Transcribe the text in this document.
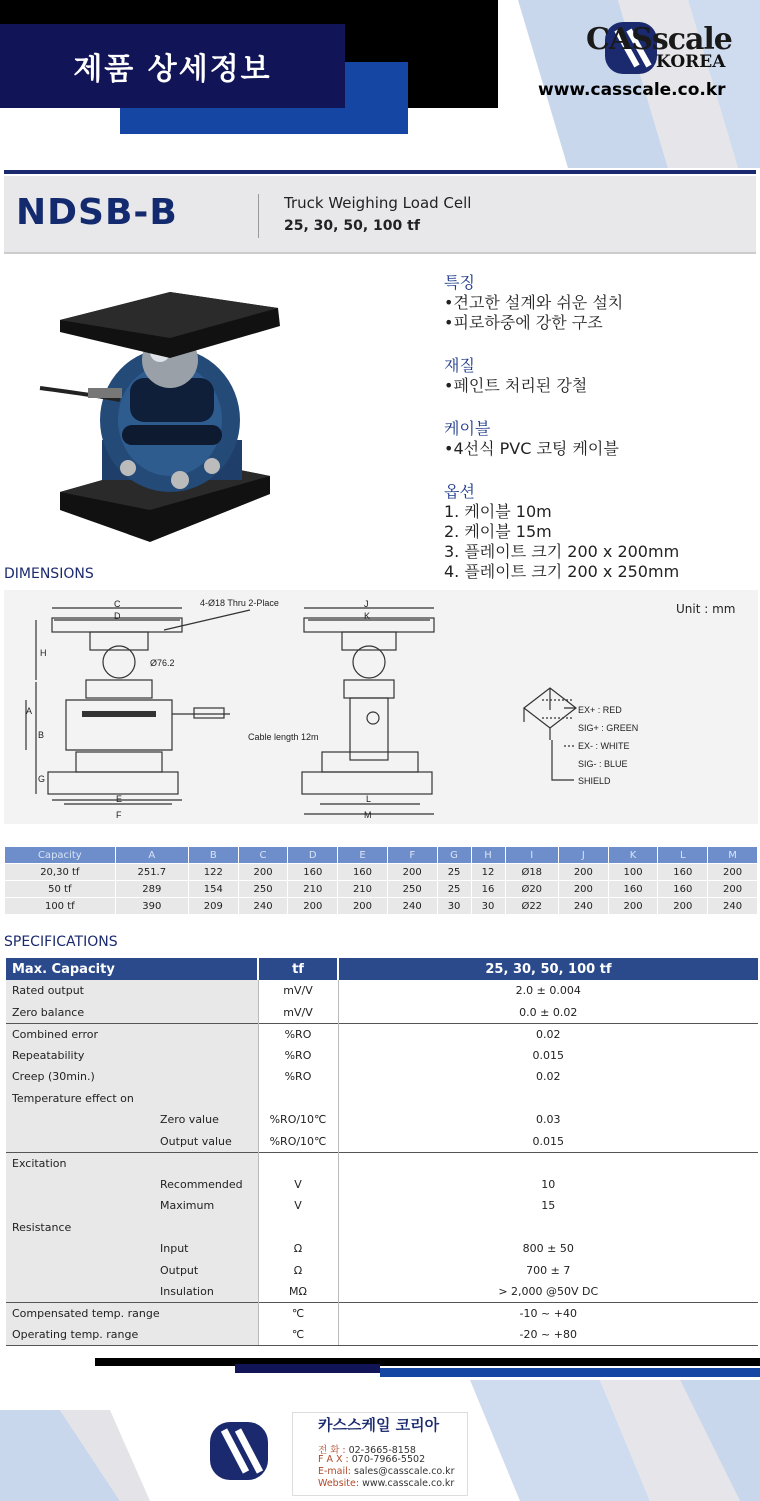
제품 상세정보
CASscale
KOREA
www.casscale.co.kr
NDSB-B	Truck Weighing Load Cell
25, 30, 50, 100 tf
특징
•견고한 설계와 쉬운 설치
•피로하중에 강한 구조
재질
•페인트 처리된 강철
케이블
•4선식 PVC 코팅 케이블
옵션
1. 케이블 10m
2. 케이블 15m
3. 플레이트 크기 200 x 200mm
4. 플레이트 크기 200 x 250mm
DIMENSIONS
Unit : mm
C
D
H
A
B
G
E
F
4-Ø18 Thru 2-Place
Ø76.2
Cable length 12m
J
K
L
M
EX+ : RED
SIG+ : GREEN
EX- : WHITE
SIG- : BLUE
SHIELD
Capacity	A	B	C	D	E	F	G	H	I	J	K	L	M
20,30 tf	251.7	122	200	160	160	200	25	12	Ø18	200	100	160	200
50 tf	289	154	250	210	210	250	25	16	Ø20	200	160	160	200
100 tf	390	209	240	200	200	240	30	30	Ø22	240	200	200	240
SPECIFICATIONS
Max. Capacity		tf	25, 30, 50, 100 tf
Rated output		mV/V	2.0 ± 0.004
Zero balance		mV/V	0.0 ± 0.02
Combined error		%RO	0.02
Repeatability		%RO	0.015
Creep (30min.)		%RO	0.02
Temperature effect on			
	Zero value	%RO/10℃	0.03
	Output value	%RO/10℃	0.015
Excitation			
	Recommended	V	10
	Maximum	V	15
Resistance			
	Input	Ω	800 ± 50
	Output	Ω	700 ± 7
	Insulation	MΩ	> 2,000 @50V DC
Compensated temp. range		℃	-10 ~ +40
Operating temp. range		℃	-20 ~ +80
카스스케일 코리아
전 화 : 02-3665-8158
F A X : 070-7966-5502
E-mail: sales@casscale.co.kr
Website: www.casscale.co.kr
